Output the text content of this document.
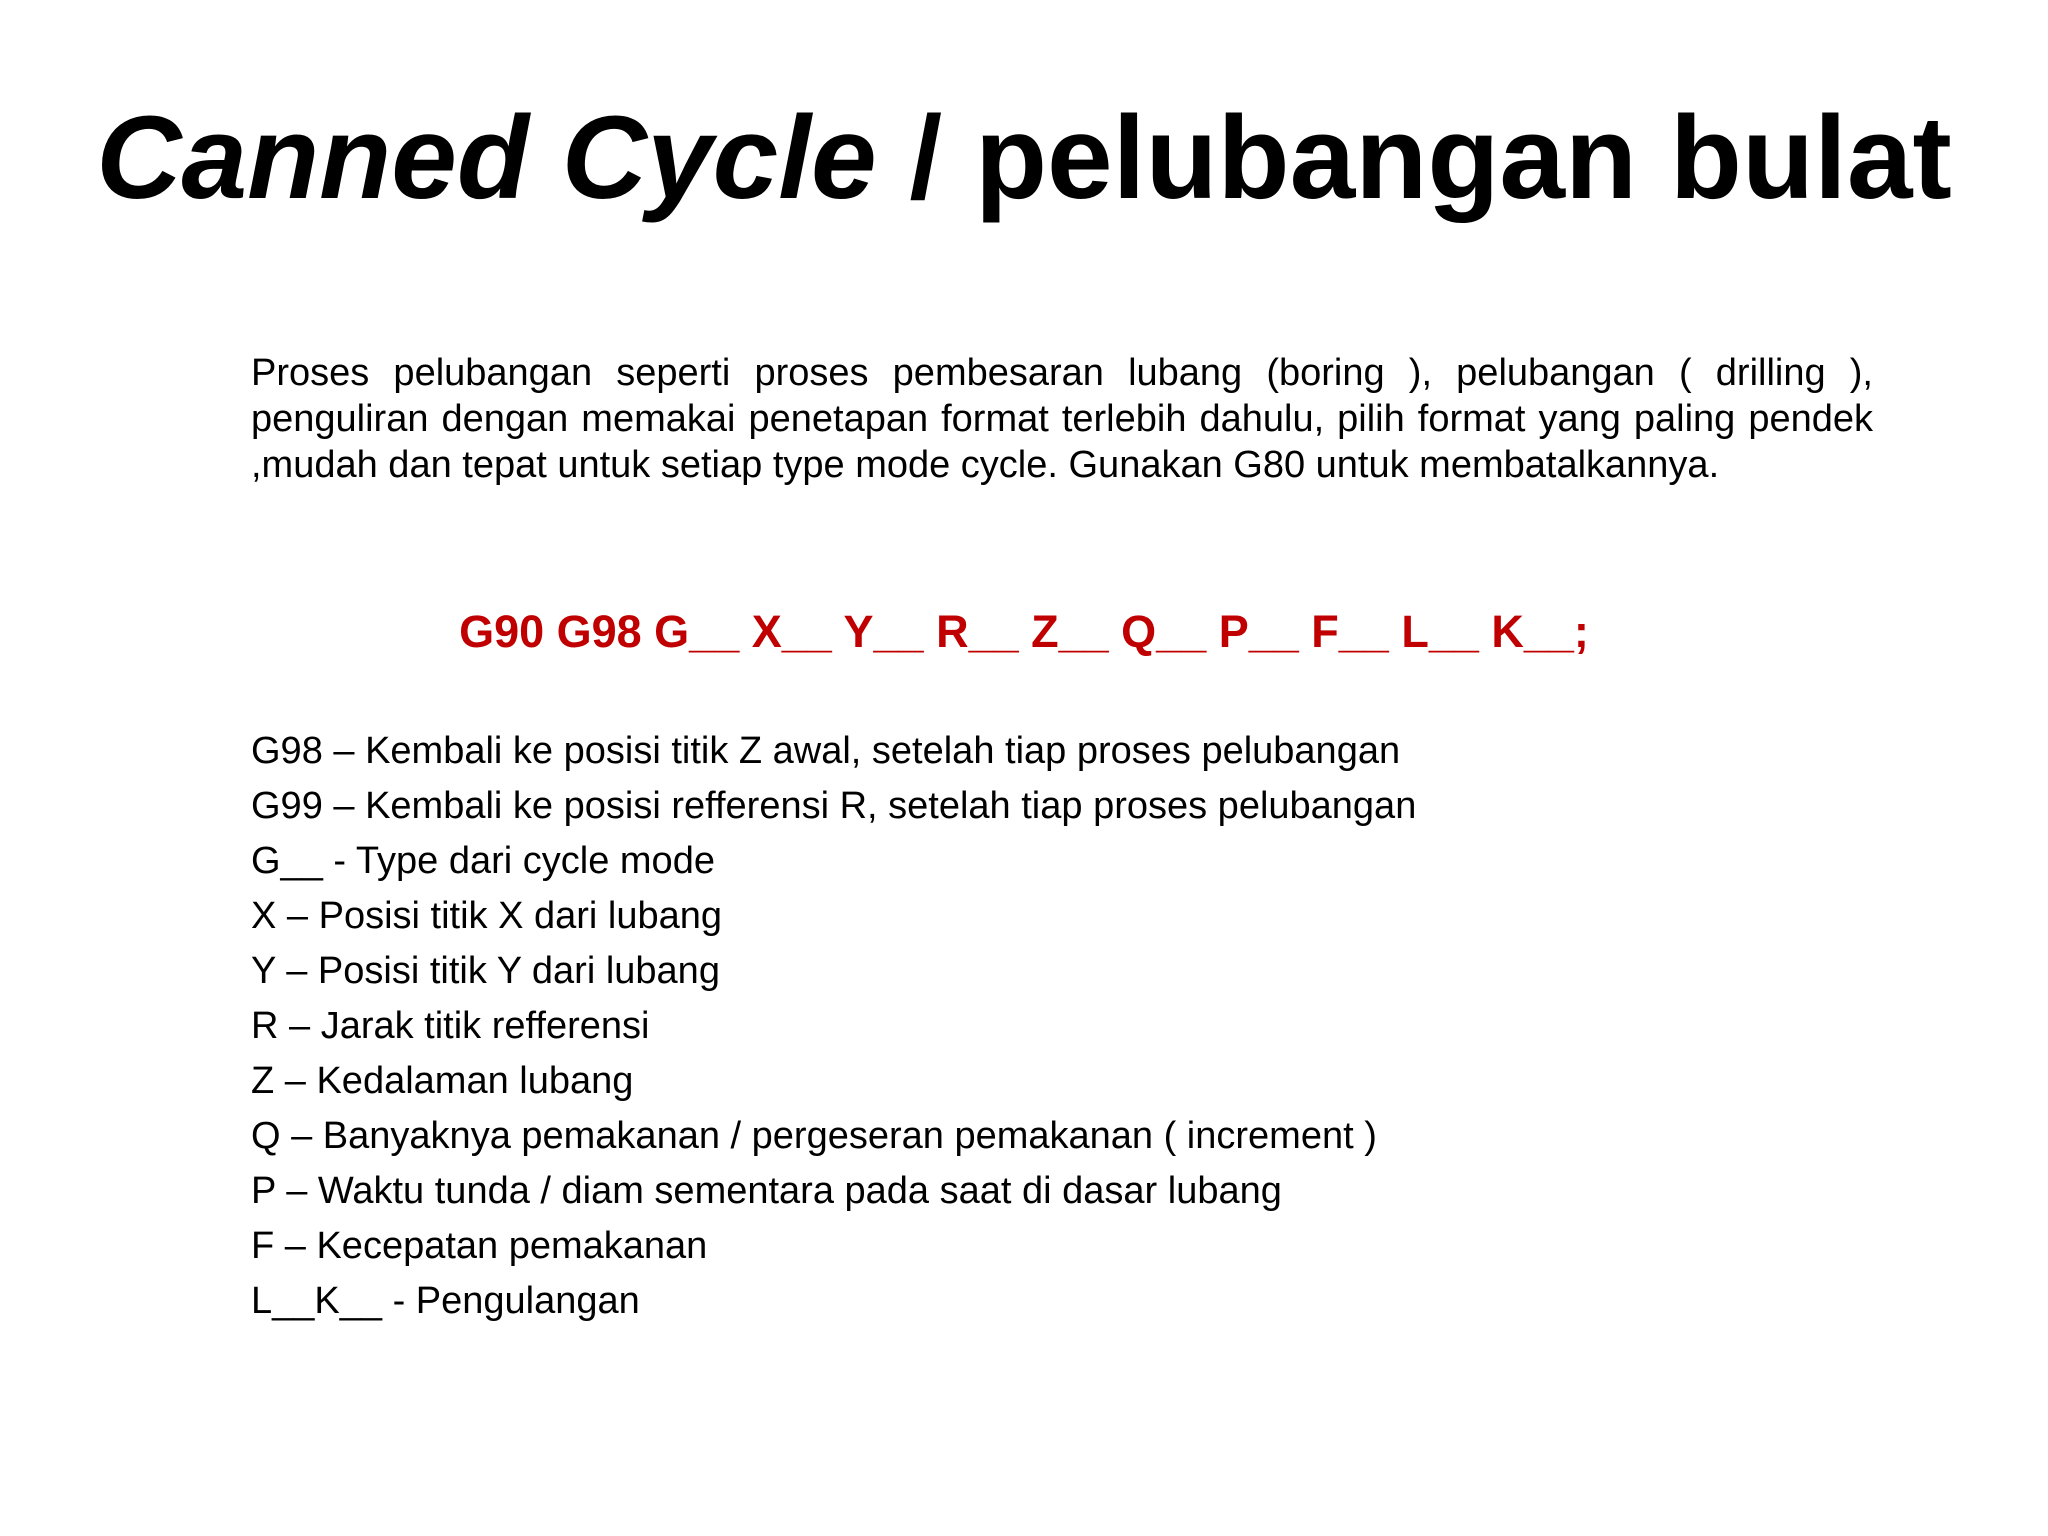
Canned Cycle / pelubangan bulat
Proses pelubangan seperti proses pembesaran lubang (boring ), pelubangan ( drilling ), penguliran dengan memakai penetapan format terlebih dahulu, pilih format yang paling pendek ,mudah dan tepat untuk setiap type mode cycle. Gunakan G80 untuk membatalkannya.
G90 G98 G__ X__ Y__ R__ Z__ Q__ P__ F__ L__ K__;
G98 – Kembali ke posisi titik Z awal, setelah tiap proses pelubangan
G99 – Kembali ke posisi refferensi R, setelah tiap proses pelubangan
G__ - Type dari cycle mode
X – Posisi titik X dari lubang
Y – Posisi titik Y dari lubang
R – Jarak titik refferensi
Z – Kedalaman lubang
Q – Banyaknya pemakanan / pergeseran pemakanan ( increment )
P – Waktu tunda / diam sementara pada saat di dasar lubang
F – Kecepatan pemakanan
L__K__ - Pengulangan
